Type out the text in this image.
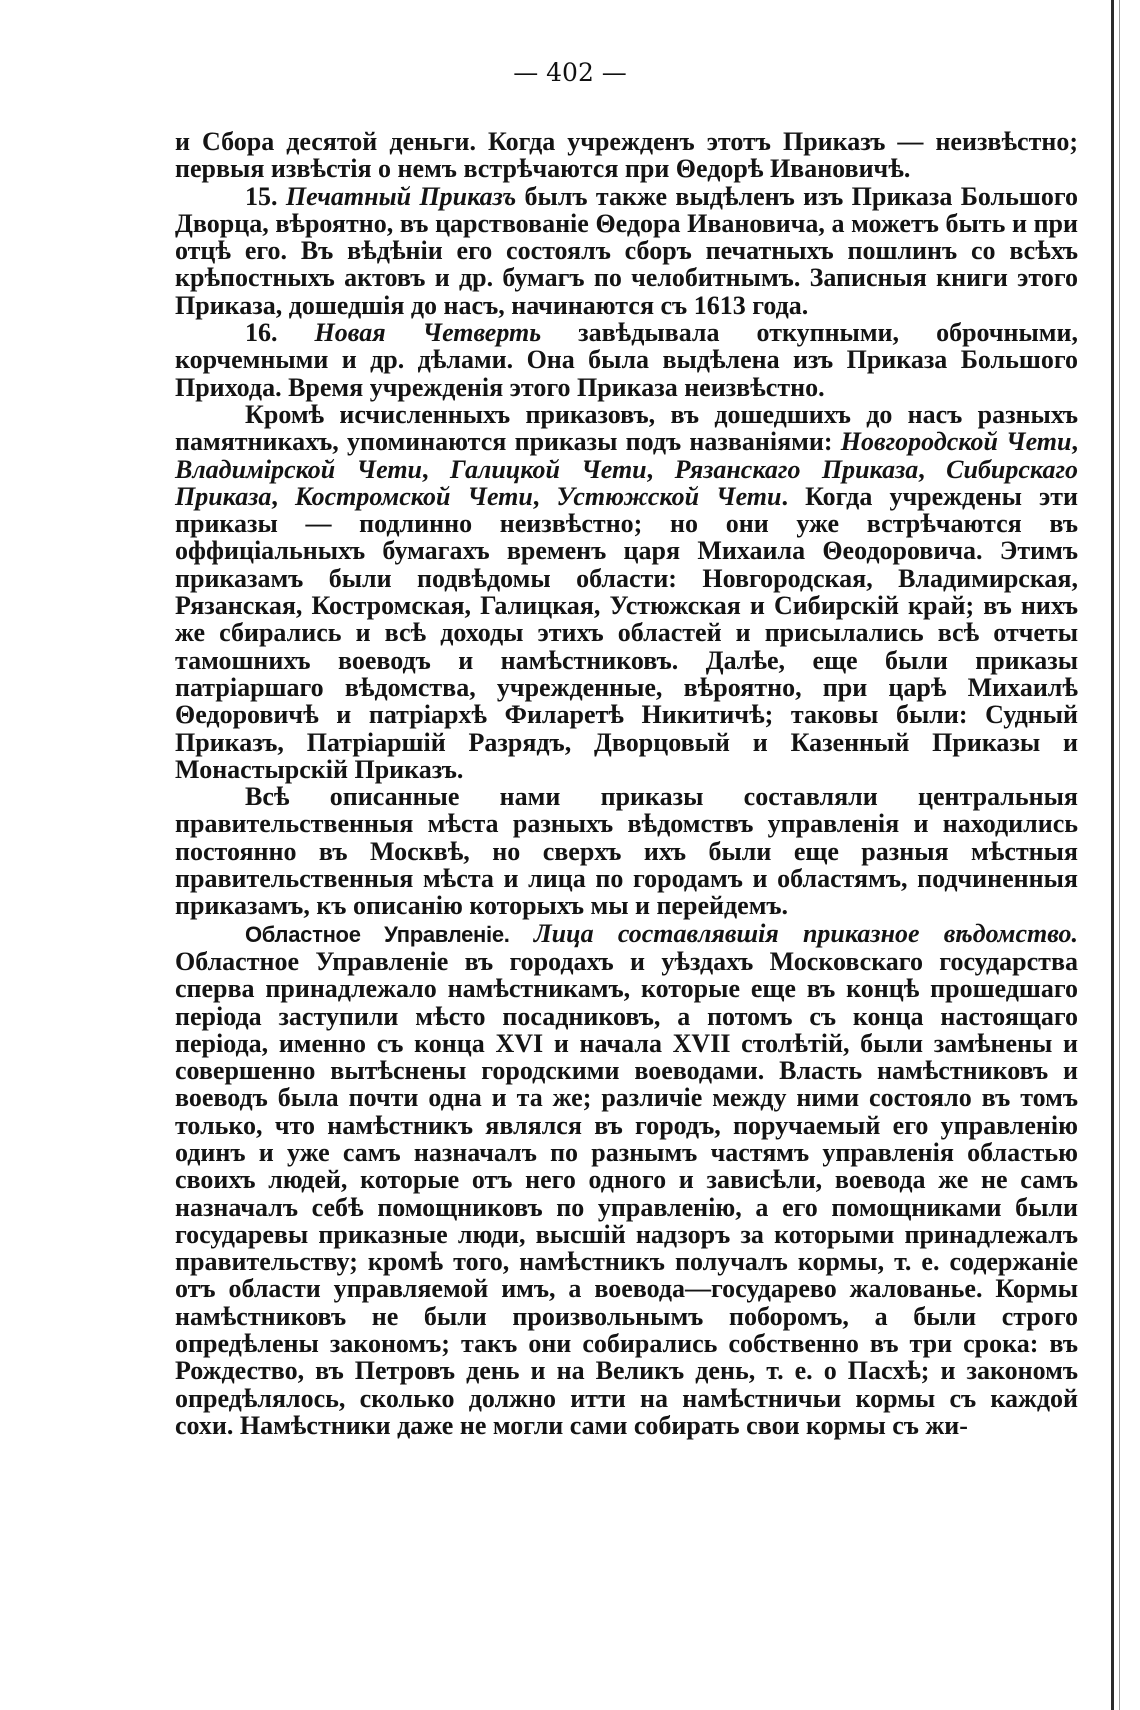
— 402 —

и Сбора десятой деньги. Когда учрежденъ этотъ Приказъ — неизвѣстно; первыя извѣстія о немъ встрѣчаются при Θедорѣ Ивановичѣ.

15. Печатный Приказъ былъ также выдѣленъ изъ Приказа Большого Дворца, вѣроятно, въ царствованіе Θедора Ивановича, а можетъ быть и при отцѣ его. Въ вѣдѣніи его состоялъ сборъ печатныхъ пошлинъ со всѣхъ крѣпостныхъ актовъ и др. бумагъ по челобитнымъ. Записныя книги этого Приказа, дошедшія до насъ, начинаются съ 1613 года.

16. Новая Четверть завѣдывала откупными, оброчными, корчемными и др. дѣлами. Она была выдѣлена изъ Приказа Большого Прихода. Время учрежденія этого Приказа неизвѣстно.

Кромѣ исчисленныхъ приказовъ, въ дошедшихъ до насъ разныхъ памятникахъ, упоминаются приказы подъ названіями: Новгородской Чети, Владимірской Чети, Галицкой Чети, Рязанскаго Приказа, Сибирскаго Приказа, Костромской Чети, Устюжской Чети. Когда учреждены эти приказы — подлинно неизвѣстно; но они уже встрѣчаются въ оффиціальныхъ бумагахъ временъ царя Михаила Θеодоровича. Этимъ приказамъ были подвѣдомы области: Новгородская, Владимирская, Рязанская, Костромская, Галицкая, Устюжская и Сибирскій край; въ нихъ же сбирались и всѣ доходы этихъ областей и присылались всѣ отчеты тамошнихъ воеводъ и намѣстниковъ. Далѣе, еще были приказы патріаршаго вѣдомства, учрежденные, вѣроятно, при царѣ Михаилѣ Θедоровичѣ и патріархѣ Филаретѣ Никитичѣ; таковы были: Судный Приказъ, Патріаршій Разрядъ, Дворцовый и Казенный Приказы и Монастырскій Приказъ.

Всѣ описанные нами приказы составляли центральныя правительственныя мѣста разныхъ вѣдомствъ управленія и находились постоянно въ Москвѣ, но сверхъ ихъ были еще разныя мѣстныя правительственныя мѣста и лица по городамъ и областямъ, подчиненныя приказамъ, къ описанію которыхъ мы и перейдемъ.

Областное Управленіе. Лица составлявшія приказное вѣдомство. Областное Управленіе въ городахъ и уѣздахъ Московскаго государства сперва принадлежало намѣстникамъ, которые еще въ концѣ прошедшаго періода заступили мѣсто посадниковъ, а потомъ съ конца настоящаго періода, именно съ конца XVI и начала XVII столѣтій, были замѣнены и совершенно вытѣснены городскими воеводами. Власть намѣстниковъ и воеводъ была почти одна и та же; различіе между ними состояло въ томъ только, что намѣстникъ являлся въ городъ, поручаемый его управленію одинъ и уже самъ назначалъ по разнымъ частямъ управленія областью своихъ людей, которые отъ него одного и зависѣли, воевода же не самъ назначалъ себѣ помощниковъ по управленію, а его помощниками были государевы приказные люди, высшій надзоръ за которыми принадлежалъ правительству; кромѣ того, намѣстникъ получалъ кормы, т. е. содержаніе отъ области управляемой имъ, а воевода—государево жалованье. Кормы намѣстниковъ не были произвольнымъ поборомъ, а были строго опредѣлены закономъ; такъ они собирались собственно въ три срока: въ Рождество, въ Петровъ день и на Великъ день, т. е. о Пасхѣ; и закономъ опредѣлялось, сколько должно итти на намѣстничьи кормы съ каждой сохи. Намѣстники даже не могли сами собирать свои кормы съ жи-
